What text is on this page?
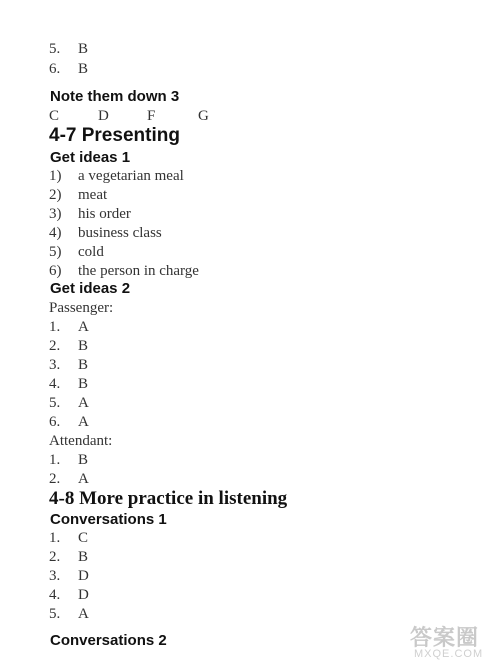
5. B
6. B
Note them down 3
C	D	F	G
4-7 Presenting
Get ideas 1
1) a vegetarian meal
2) meat
3) his order
4) business class
5) cold
6) the person in charge
Get ideas 2
Passenger:
1. A
2. B
3. B
4. B
5. A
6. A
Attendant:
1. B
2. A
4-8 More practice in listening
Conversations 1
1. C
2. B
3. D
4. D
5. A
Conversations 2	答案圈
MXQE.COM
